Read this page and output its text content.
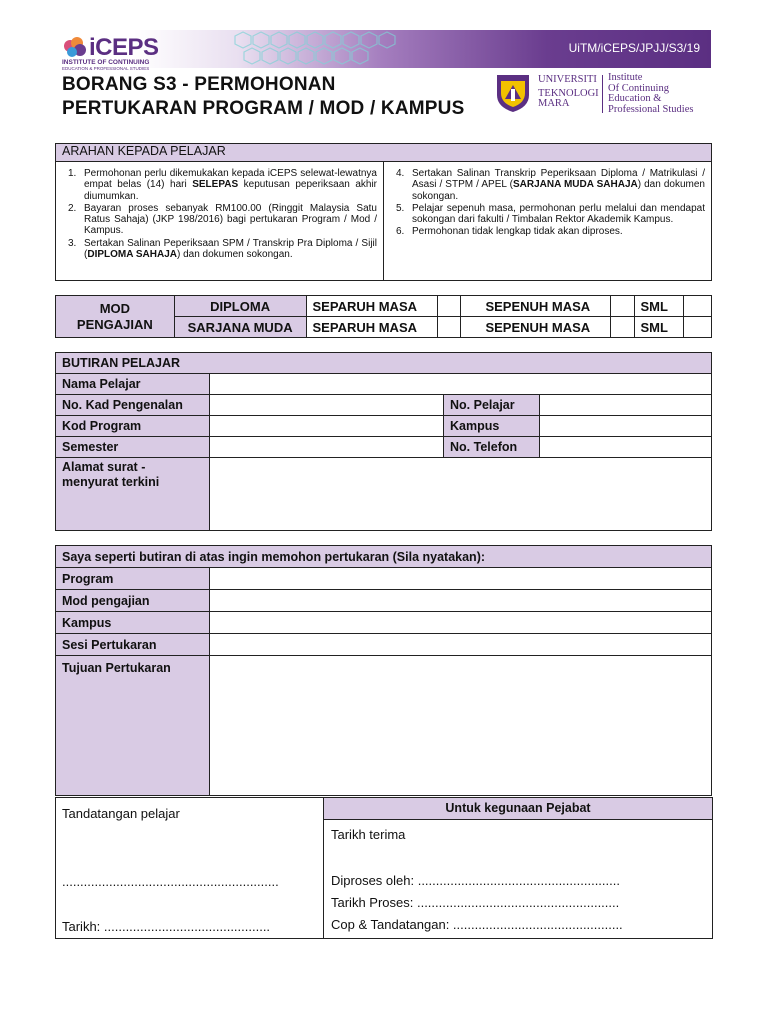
iCEPS
INSTITUTE OF CONTINUING
EDUCATION & PROFESSIONAL STUDIES
UiTM/iCEPS/JPJJ/S3/19
BORANG S3 - PERMOHONAN
PERTUKARAN PROGRAM / MOD / KAMPUS
UNIVERSITI
TEKNOLOGI
MARA
Institute
Of Continuing
Education &
Professional Studies
ARAHAN KEPADA PELAJAR

1. Permohonan perlu dikemukakan kepada iCEPS selewat-lewatnya empat belas (14) hari SELEPAS keputusan peperiksaan akhir diumumkan.
2. Bayaran proses sebanyak RM100.00 (Ringgit Malaysia Satu Ratus Sahaja) (JKP 198/2016) bagi pertukaran Program / Mod / Kampus.
3. Sertakan Salinan Peperiksaan SPM / Transkrip Pra Diploma / Sijil (DIPLOMA SAHAJA) dan dokumen sokongan.

4. Sertakan Salinan Transkrip Peperiksaan Diploma / Matrikulasi / Asasi / STPM / APEL (SARJANA MUDA SAHAJA) dan dokumen sokongan.
5. Pelajar sepenuh masa, permohonan perlu melalui dan mendapat sokongan dari fakulti / Timbalan Rektor Akademik Kampus.
6. Permohonan tidak lengkap tidak akan diproses.
MOD PENGAJIAN	DIPLOMA	SEPARUH MASA		SEPENUH MASA		SML	
	SARJANA MUDA	SEPARUH MASA		SEPENUH MASA		SML	
BUTIRAN PELAJAR			
Nama Pelajar			
No. Kad Pengenalan		No. Pelajar	
Kod Program		Kampus	
Semester		No. Telefon	
Alamat surat - menyurat terkini			
Saya seperti butiran di atas ingin memohon pertukaran (Sila nyatakan):	
Program	
Mod pengajian	
Kampus	
Sesi Pertukaran	
Tujuan Pertukaran	
Tandatangan pelajar
............................................................
Tarikh: ..............................................
Untuk kegunaan Pejabat
Tarikh terima
Diproses oleh: ........................................................
Tarikh Proses: ........................................................
Cop & Tandatangan: ...............................................
